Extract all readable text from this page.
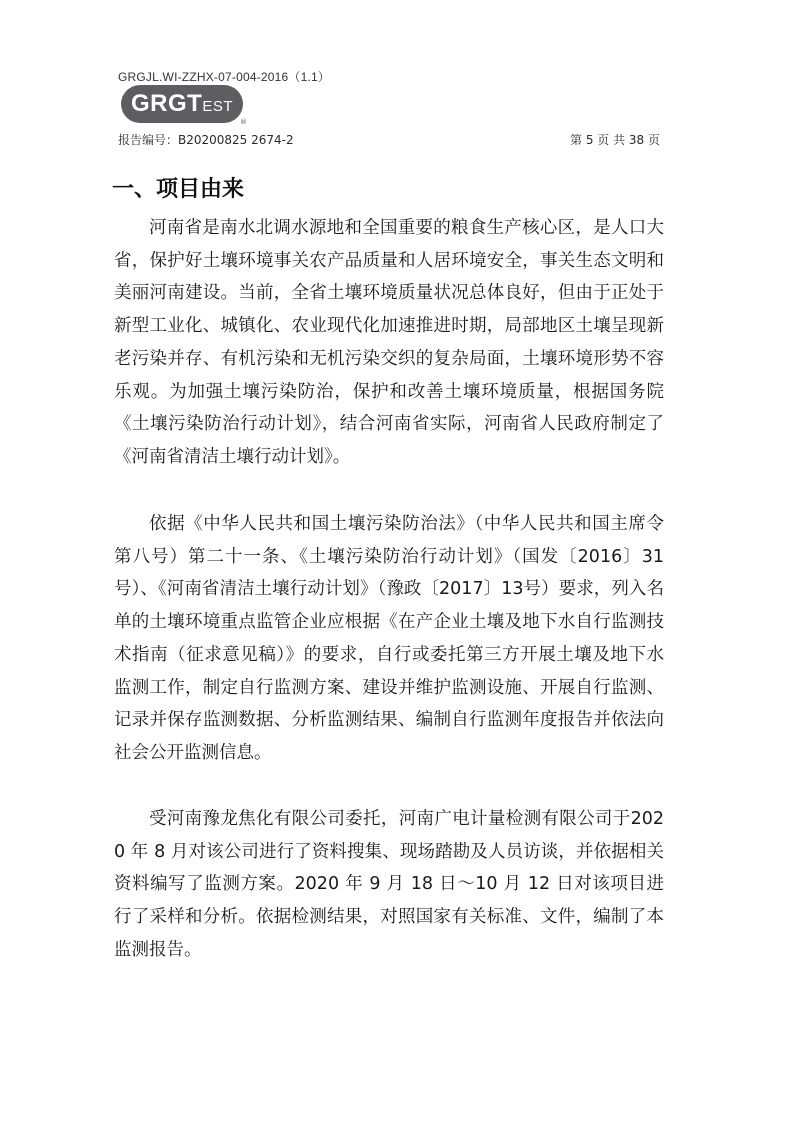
GRGJL.WI-ZZHX-07-004-2016（1.1）
GRGTEST
®
报告编号：B20200825 2674-2	第 5 页 共 38 页
一、项目由来

河南省是南水北调水源地和全国重要的粮食生产核心区，是人口大省，保护好土壤环境事关农产品质量和人居环境安全，事关生态文明和美丽河南建设。当前，全省土壤环境质量状况总体良好，但由于正处于新型工业化、城镇化、农业现代化加速推进时期，局部地区土壤呈现新老污染并存、有机污染和无机污染交织的复杂局面，土壤环境形势不容乐观。为加强土壤污染防治，保护和改善土壤环境质量，根据国务院《土壤污染防治行动计划》，结合河南省实际，河南省人民政府制定了《河南省清洁土壤行动计划》。

依据《中华人民共和国土壤污染防治法》（中华人民共和国主席令第八号）第二十一条、《土壤污染防治行动计划》（国发〔2016〕31号）、《河南省清洁土壤行动计划》（豫政〔2017〕13号）要求，列入名单的土壤环境重点监管企业应根据《在产企业土壤及地下水自行监测技术指南（征求意见稿）》的要求，自行或委托第三方开展土壤及地下水监测工作，制定自行监测方案、建设并维护监测设施、开展自行监测、记录并保存监测数据、分析监测结果、编制自行监测年度报告并依法向社会公开监测信息。

受河南豫龙焦化有限公司委托，河南广电计量检测有限公司于2020 年 8 月对该公司进行了资料搜集、现场踏勘及人员访谈，并依据相关资料编写了监测方案。2020 年 9 月 18 日～10 月 12 日对该项目进行了采样和分析。依据检测结果，对照国家有关标准、文件，编制了本监测报告。
